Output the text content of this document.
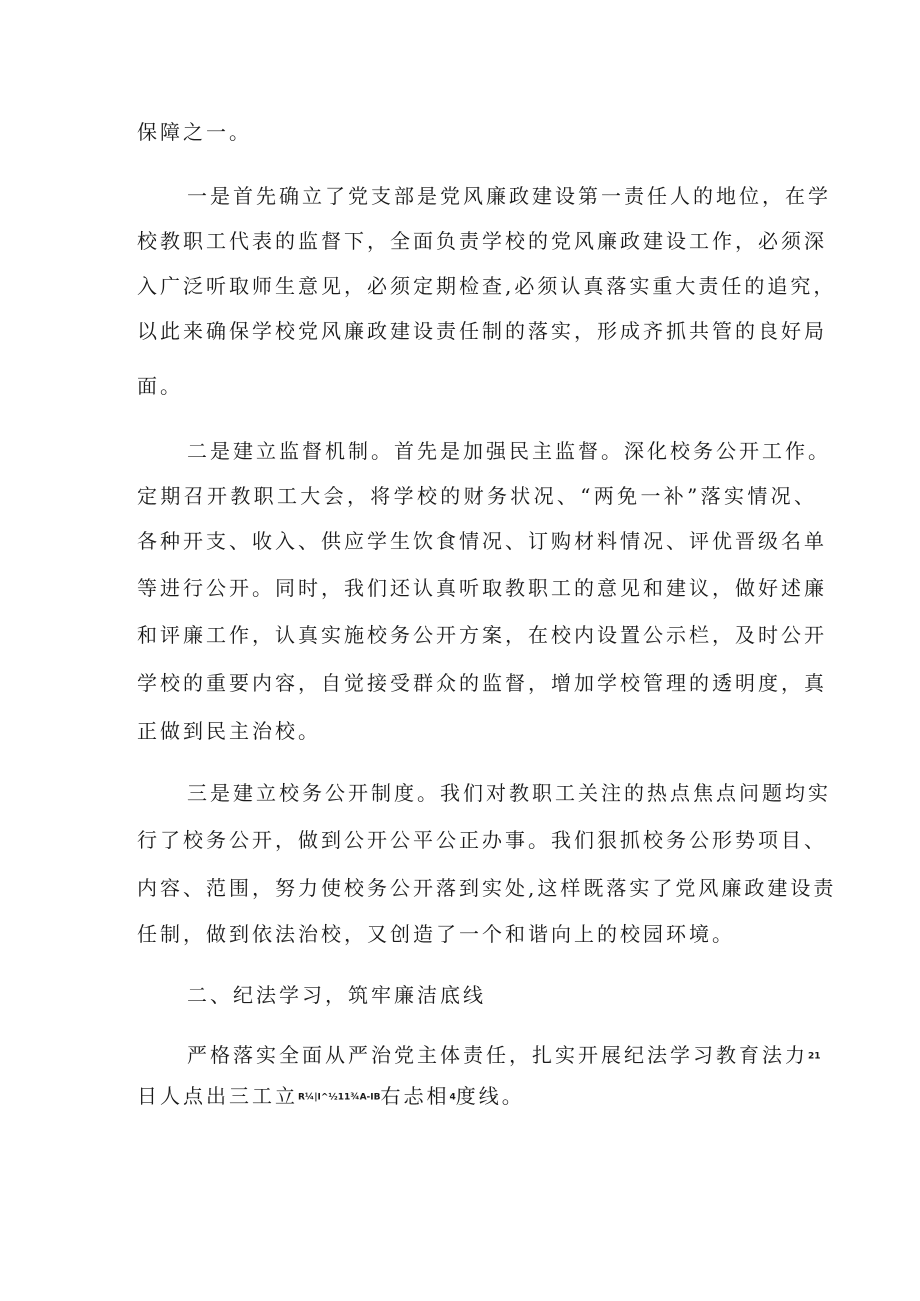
保障之一。
一是首先确立了党支部是党风廉政建设第一责任人的地位，在学
校教职工代表的监督下，全面负责学校的党风廉政建设工作，必须深
入广泛听取师生意见，必须定期检查,必须认真落实重大责任的追究，
以此来确保学校党风廉政建设责任制的落实，形成齐抓共管的良好局
面。
二是建立监督机制。首先是加强民主监督。深化校务公开工作。
定期召开教职工大会，将学校的财务状况、“两免一补”落实情况、
各种开支、收入、供应学生饮食情况、订购材料情况、评优晋级名单
等进行公开。同时，我们还认真听取教职工的意见和建议，做好述廉
和评廉工作，认真实施校务公开方案，在校内设置公示栏，及时公开
学校的重要内容，自觉接受群众的监督，增加学校管理的透明度，真
正做到民主治校。
三是建立校务公开制度。我们对教职工关注的热点焦点问题均实
行了校务公开，做到公开公平公正办事。我们狠抓校务公形势项目、
内容、范围，努力使校务公开落到实处,这样既落实了党风廉政建设责
任制，做到依法治校，又创造了一个和谐向上的校园环境。
二、纪法学习，筑牢廉洁底线
严格落实全面从严治党主体责任，扎实开展纪法学习教育法力21
日人点出三工立R¼|I^½11¾A-IB右忐相4度线。
